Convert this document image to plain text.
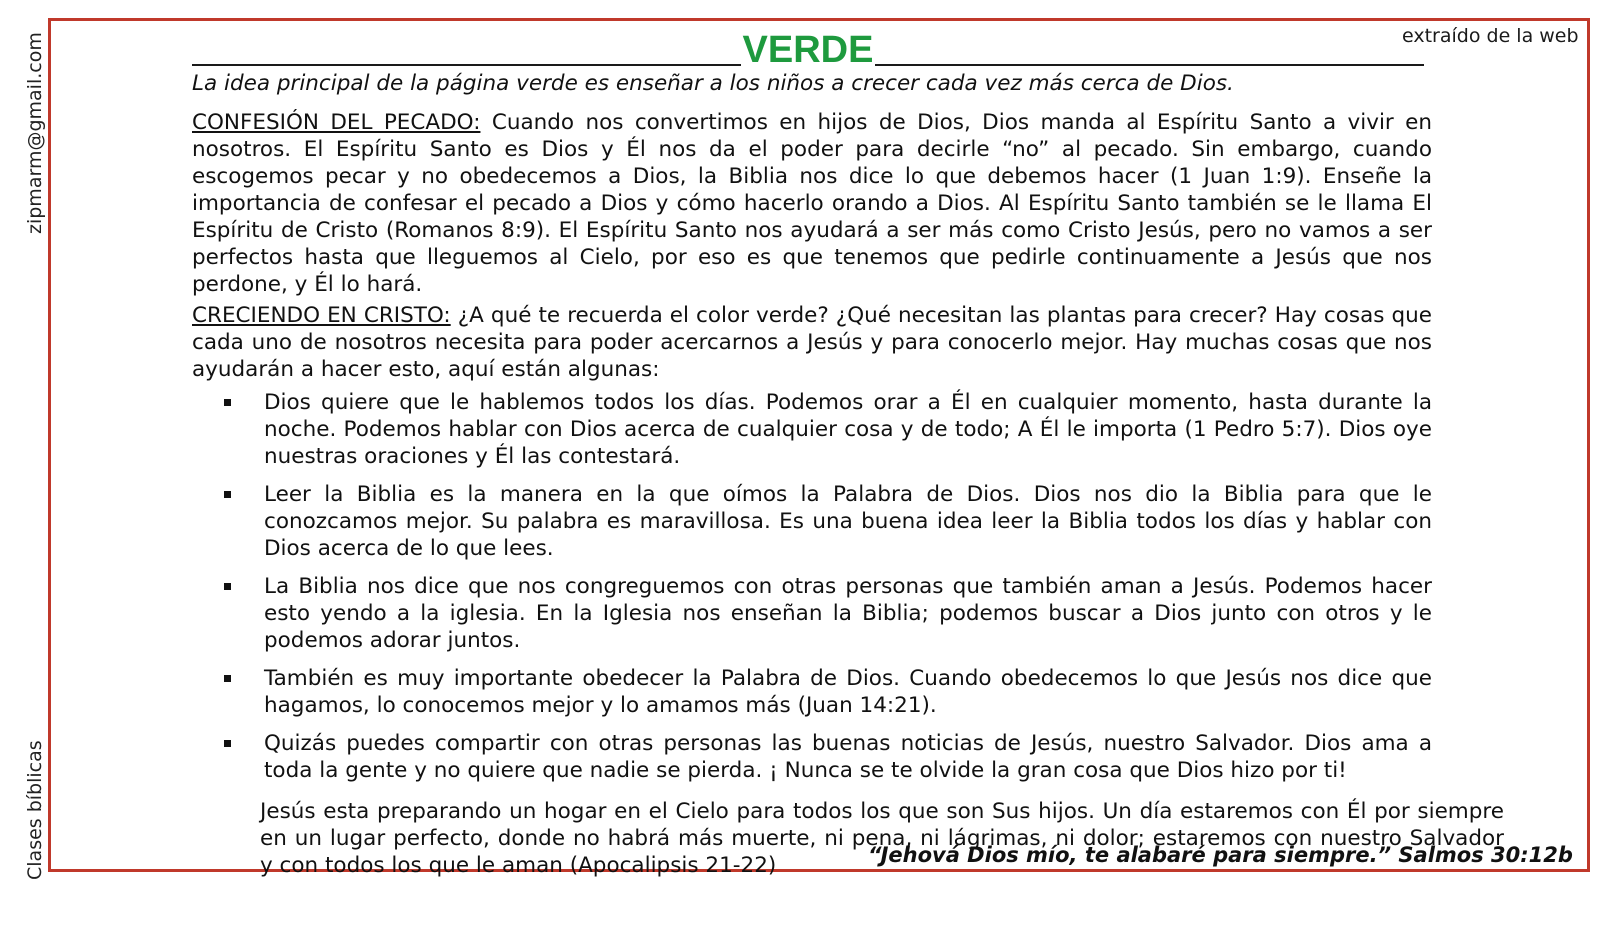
zipmarm@gmail.com
Clases bíblicas
extraído de la web
VERDE

La idea principal de la página verde es enseñar a los niños a crecer cada vez más cerca de Dios.

CONFESIÓN DEL PECADO: Cuando nos convertimos en hijos de Dios, Dios manda al Espíritu Santo a vivir en nosotros. El Espíritu Santo es Dios y Él nos da el poder para decirle “no” al pecado. Sin embargo, cuando escogemos pecar y no obedecemos a Dios, la Biblia nos dice lo que debemos hacer (1 Juan 1:9). Enseñe la importancia de confesar el pecado a Dios y cómo hacerlo orando a Dios. Al Espíritu Santo también se le llama El Espíritu de Cristo (Romanos 8:9). El Espíritu Santo nos ayudará a ser más como Cristo Jesús, pero no vamos a ser perfectos hasta que lleguemos al Cielo, por eso es que tenemos que pedirle continuamente a Jesús que nos perdone, y Él lo hará.

CRECIENDO EN CRISTO: ¿A qué te recuerda el color verde? ¿Qué necesitan las plantas para crecer? Hay cosas que cada uno de nosotros necesita para poder acercarnos a Jesús y para conocerlo mejor. Hay muchas cosas que nos ayudarán a hacer esto, aquí están algunas:

Dios quiere que le hablemos todos los días. Podemos orar a Él en cualquier momento, hasta durante la noche. Podemos hablar con Dios acerca de cualquier cosa y de todo; A Él le importa (1 Pedro 5:7). Dios oye nuestras oraciones y Él las contestará.
Leer la Biblia es la manera en la que oímos la Palabra de Dios. Dios nos dio la Biblia para que le conozcamos mejor. Su palabra es maravillosa. Es una buena idea leer la Biblia todos los días y hablar con Dios acerca de lo que lees.
La Biblia nos dice que nos congreguemos con otras personas que también aman a Jesús. Podemos hacer esto yendo a la iglesia. En la Iglesia nos enseñan la Biblia; podemos buscar a Dios junto con otros y le podemos adorar juntos.
También es muy importante obedecer la Palabra de Dios. Cuando obedecemos lo que Jesús nos dice que hagamos, lo conocemos mejor y lo amamos más (Juan 14:21).
Quizás puedes compartir con otras personas las buenas noticias de Jesús, nuestro Salvador. Dios ama a toda la gente y no quiere que nadie se pierda. ¡ Nunca se te olvide la gran cosa que Dios hizo por ti!

Jesús esta preparando un hogar en el Cielo para todos los que son Sus hijos. Un día estaremos con Él por siempre en un lugar perfecto, donde no habrá más muerte, ni pena, ni lágrimas, ni dolor; estaremos con nuestro Salvador y con todos los que le aman (Apocalipsis 21-22)	“Jehová Dios mío, te alabaré para siempre.” Salmos 30:12b
